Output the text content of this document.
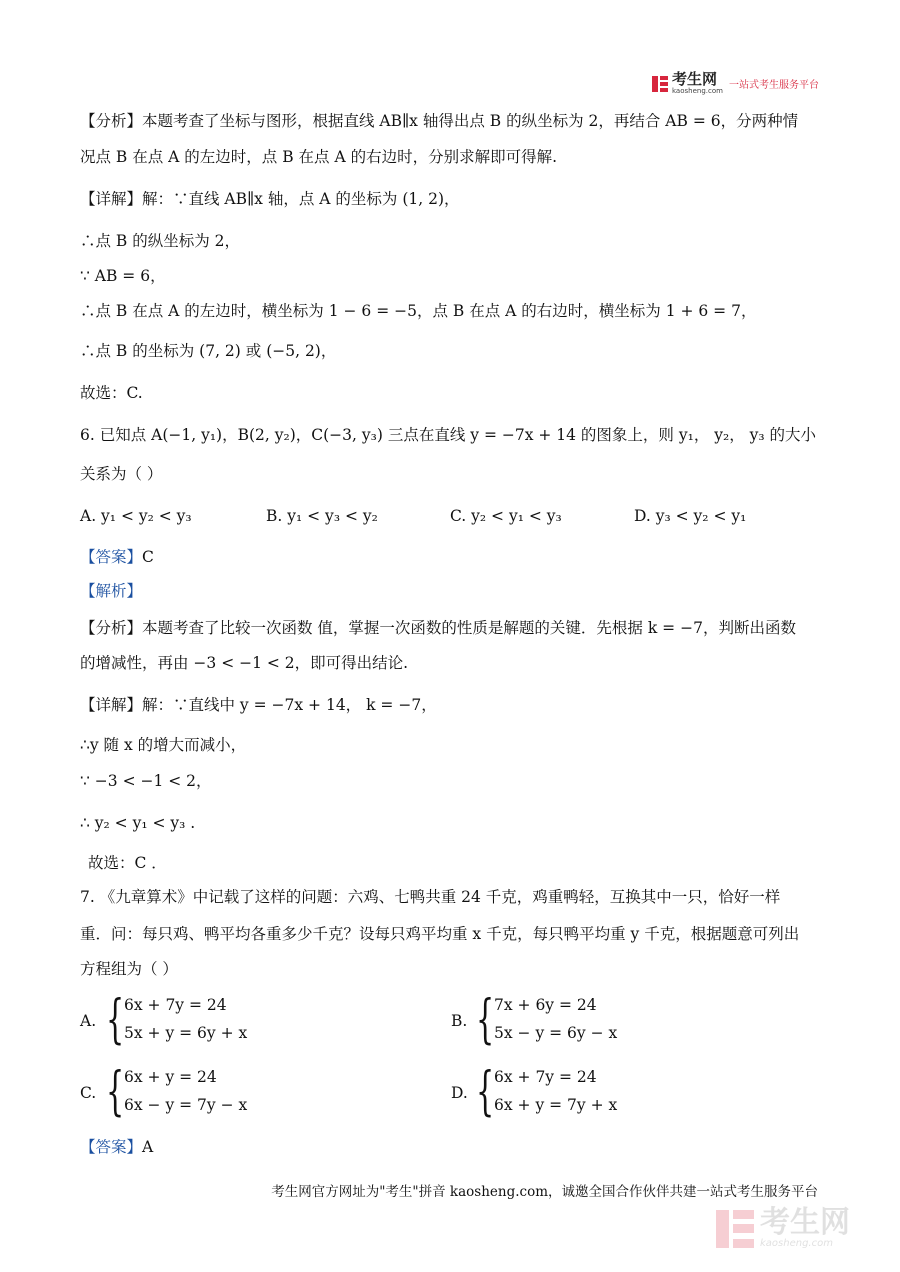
考生网
kaosheng.com 一站式考生服务平台
【分析】本题考查了坐标与图形，根据直线 AB∥x 轴得出点 B 的纵坐标为 2，再结合 AB = 6，分两种情
况点 B 在点 A 的左边时，点 B 在点 A 的右边时，分别求解即可得解.
【详解】解：∵直线 AB∥x 轴，点 A 的坐标为 (1, 2)，
∴点 B 的纵坐标为 2，
∵ AB = 6，
∴点 B 在点 A 的左边时，横坐标为 1 − 6 = −5，点 B 在点 A 的右边时，横坐标为 1 + 6 = 7，
∴点 B 的坐标为 (7, 2) 或 (−5, 2)，
故选：C.
6. 已知点 A(−1, y₁)，B(2, y₂)，C(−3, y₃) 三点在直线 y = −7x + 14 的图象上，则 y₁， y₂， y₃ 的大小
关系为（ ）
A. y₁ < y₂ < y₃	B. y₁ < y₃ < y₂	C. y₂ < y₁ < y₃	D. y₃ < y₂ < y₁
【答案】C
【解析】
【分析】本题考查了比较一次函数 值，掌握一次函数的性质是解题的关键．先根据 k = −7，判断出函数
的增减性，再由 −3 < −1 < 2，即可得出结论.
【详解】解：∵直线中 y = −7x + 14， k = −7，
∴y 随 x 的增大而减小，
∵ −3 < −1 < 2，
∴ y₂ < y₁ < y₃ .
故选：C ．
7. 《九章算术》中记载了这样的问题：六鸡、七鸭共重 24 千克，鸡重鸭轻，互换其中一只，恰好一样
重．问：每只鸡、鸭平均各重多少千克？设每只鸡平均重 x 千克，每只鸭平均重 y 千克，根据题意可列出
方程组为（ ）
A. { 6x + 7y = 24
5x + y = 6y + x
B. { 7x + 6y = 24
5x − y = 6y − x
C. { 6x + y = 24
6x − y = 7y − x
D. { 6x + 7y = 24
6x + y = 7y + x
【答案】A
考生网官方网址为"考生"拼音 kaosheng.com，诚邀全国合作伙伴共建一站式考生服务平台
考生网
kaosheng.com
